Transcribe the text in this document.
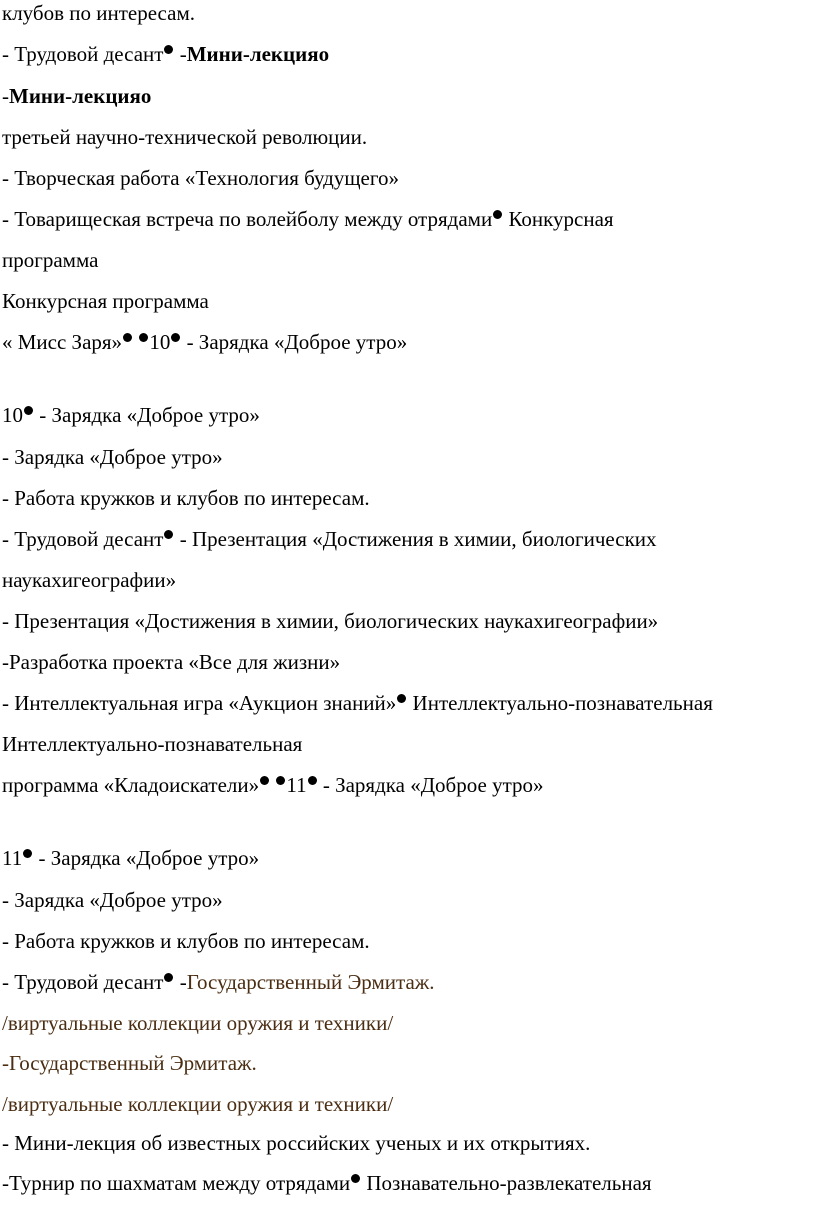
клубов по интересам.
- Трудовой десант -Мини-лекцияо
-Мини-лекцияо
третьей научно-технической революции.
- Творческая работа «Технология будущего»
- Товарищеская встреча по волейболу между отрядами Конкурсная
программа
Конкурсная программа
« Мисс Заря» 10 - Зарядка «Доброе утро»
10 - Зарядка «Доброе утро»
- Зарядка «Доброе утро»
- Работа кружков и клубов по интересам.
- Трудовой десант - Презентация «Достижения в химии, биологических
наукахигеографии»
- Презентация «Достижения в химии, биологических наукахигеографии»
-Разработка проекта «Все для жизни»
- Интеллектуальная игра «Аукцион знаний» Интеллектуально-познавательная
Интеллектуально-познавательная
программа «Кладоискатели» 11 - Зарядка «Доброе утро»
11 - Зарядка «Доброе утро»
- Зарядка «Доброе утро»
- Работа кружков и клубов по интересам.
- Трудовой десант -Государственный Эрмитаж.
/виртуальные коллекции оружия и техники/
-Государственный Эрмитаж.
/виртуальные коллекции оружия и техники/
- Мини-лекция об известных российских ученых и их открытиях.
-Турнир по шахматам между отрядами Познавательно-развлекательная
